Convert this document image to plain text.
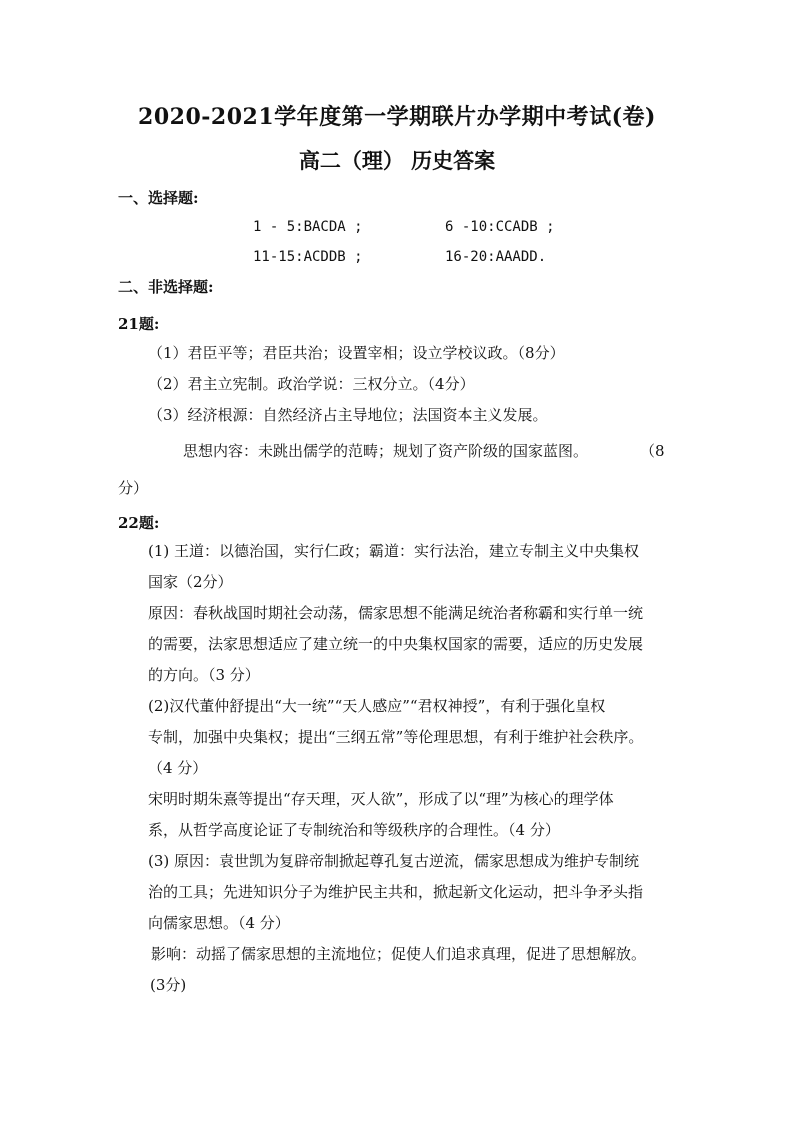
2020-2021学年度第一学期联片办学期中考试(卷)
高二（理） 历史答案
一、选择题:
1 - 5:BACDA ;	6 -10:CCADB ;
11-15:ACDDB ;	16-20:AAADD.
二、非选择题:
21题:
（1）君臣平等；君臣共治；设置宰相；设立学校议政。（8分）
（2）君主立宪制。政治学说：三权分立。（4分）
（3）经济根源：自然经济占主导地位；法国资本主义发展。
思想内容：未跳出儒学的范畴；规划了资产阶级的国家蓝图。	（8
分）
22题:
(1) 王道：以德治国，实行仁政；霸道：实行法治，建立专制主义中央集权
国家（2分）
原因：春秋战国时期社会动荡，儒家思想不能满足统治者称霸和实行单一统
的需要，法家思想适应了建立统一的中央集权国家的需要，适应的历史发展
的方向。（3 分）
(2)汉代董仲舒提出“大一统”“天人感应”“君权神授”，有利于强化皇权
专制，加强中央集权；提出“三纲五常”等伦理思想，有利于维护社会秩序。
（4 分）
宋明时期朱熹等提出“存天理，灭人欲”，形成了以“理”为核心的理学体
系，从哲学高度论证了专制统治和等级秩序的合理性。（4 分）
(3) 原因：袁世凯为复辟帝制掀起尊孔复古逆流，儒家思想成为维护专制统
治的工具；先进知识分子为维护民主共和，掀起新文化运动，把斗争矛头指
向儒家思想。（4 分）
影响：动摇了儒家思想的主流地位；促使人们追求真理，促进了思想解放。
(3分)
